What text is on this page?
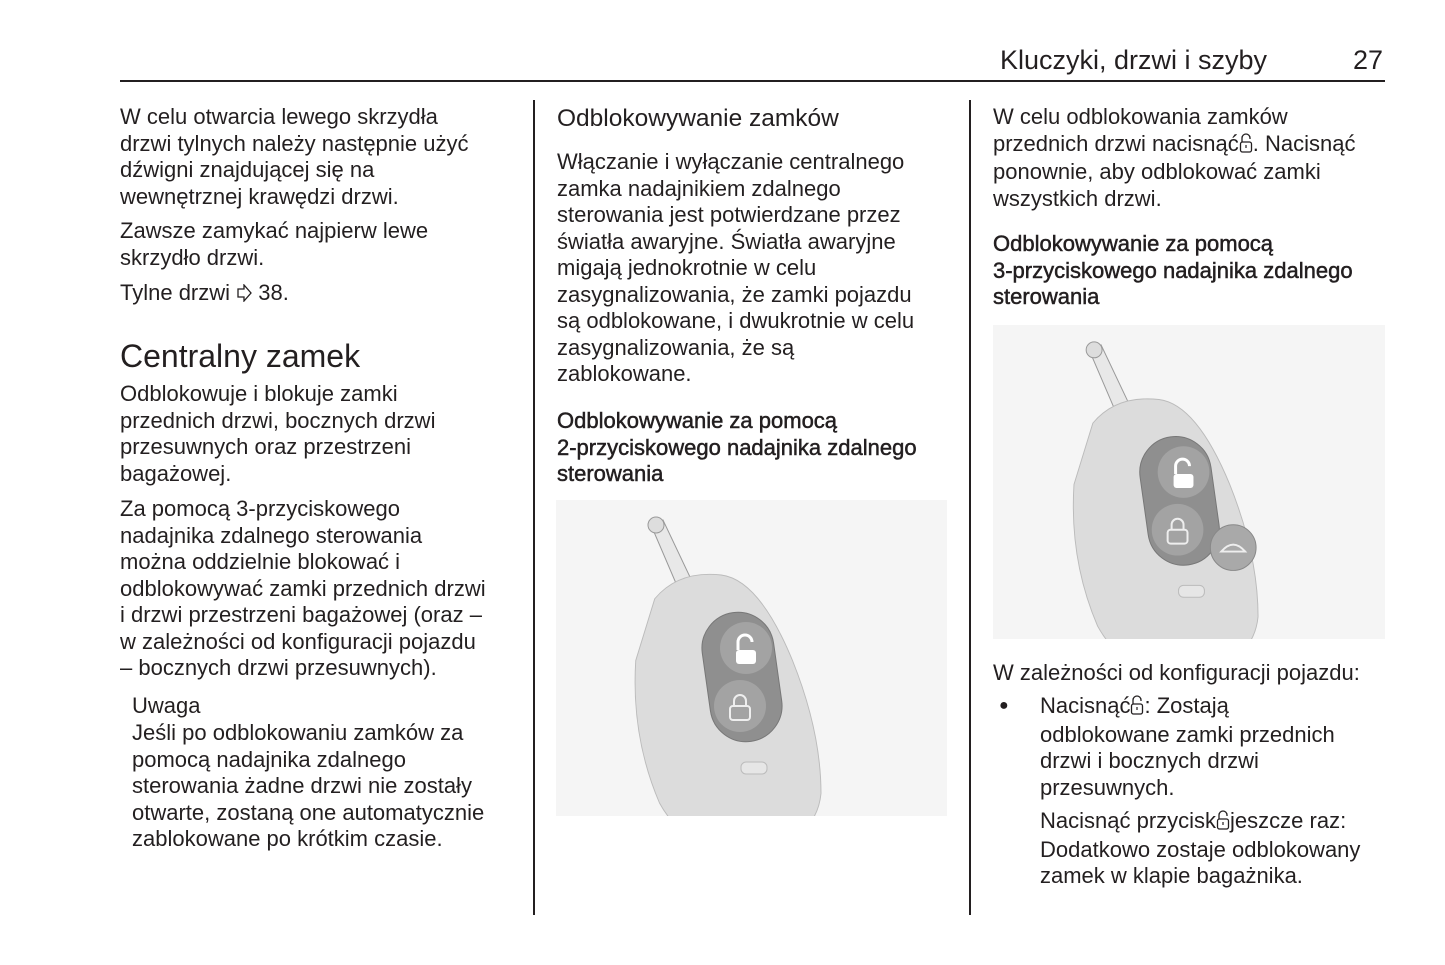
Kluczyki, drzwi i szyby	27
W celu otwarcia lewego skrzydła
drzwi tylnych należy następnie użyć
dźwigni znajdującej się na
wewnętrznej krawędzi drzwi.
Zawsze zamykać najpierw lewe
skrzydło drzwi.
Tylne drzwi  38.
Centralny zamek
Odblokowuje i blokuje zamki
przednich drzwi, bocznych drzwi
przesuwnych oraz przestrzeni
bagażowej.
Za pomocą 3-przyciskowego
nadajnika zdalnego sterowania
można oddzielnie blokować i
odblokowywać zamki przednich drzwi
i drzwi przestrzeni bagażowej (oraz –
w zależności od konfiguracji pojazdu
– bocznych drzwi przesuwnych).
Uwaga
Jeśli po odblokowaniu zamków za
pomocą nadajnika zdalnego
sterowania żadne drzwi nie zostały
otwarte, zostaną one automatycznie
zablokowane po krótkim czasie.
Odblokowywanie zamków
Włączanie i wyłączanie centralnego
zamka nadajnikiem zdalnego
sterowania jest potwierdzane przez
światła awaryjne. Światła awaryjne
migają jednokrotnie w celu
zasygnalizowania, że zamki pojazdu
są odblokowane, i dwukrotnie w celu
zasygnalizowania, że są
zablokowane.
Odblokowywanie za pomocą
2-przyciskowego nadajnika zdalnego
sterowania
W celu odblokowania zamków
przednich drzwi nacisnąć . Nacisnąć
ponownie, aby odblokować zamki
wszystkich drzwi.
Odblokowywanie za pomocą
3-przyciskowego nadajnika zdalnego
sterowania
W zależności od konfiguracji pojazdu:
● Nacisnąć : Zostają
odblokowane zamki przednich
drzwi i bocznych drzwi
przesuwnych.
Nacisnąć przycisk jeszcze raz:
Dodatkowo zostaje odblokowany
zamek w klapie bagażnika.
